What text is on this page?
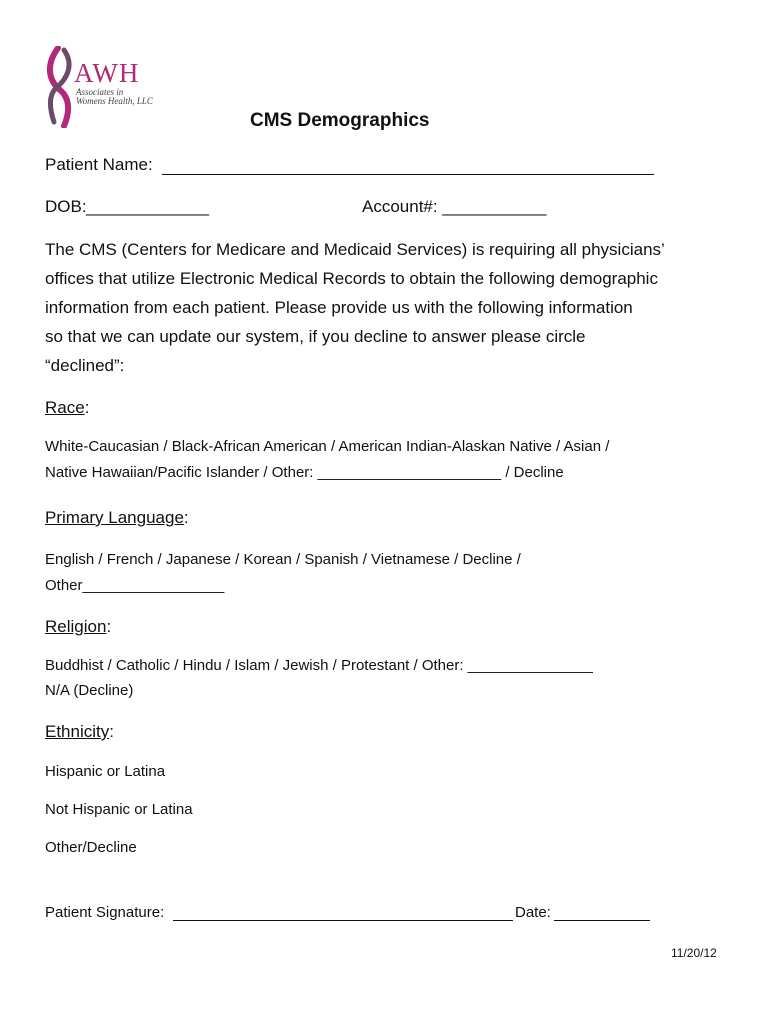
AWH
Associates in
Womens Health, LLC
CMS Demographics
Patient Name:
DOB: _____________	Account#: ___________
The CMS (Centers for Medicare and Medicaid Services) is requiring all physicians’
offices that utilize Electronic Medical Records to obtain the following demographic
information from each patient. Please provide us with the following information
so that we can update our system, if you decline to answer please circle
“declined”:
Race:
White-Caucasian / Black-African American / American Indian-Alaskan Native / Asian /
Native Hawaiian/Pacific Islander / Other: ______________________ / Decline
Primary Language:
English / French / Japanese / Korean / Spanish / Vietnamese / Decline /
Other_________________
Religion:
Buddhist / Catholic / Hindu / Islam / Jewish / Protestant / Other: _______________
N/A (Decline)
Ethnicity:
Hispanic or Latina
Not Hispanic or Latina
Other/Decline
Patient Signature:	Date:
11/20/12
